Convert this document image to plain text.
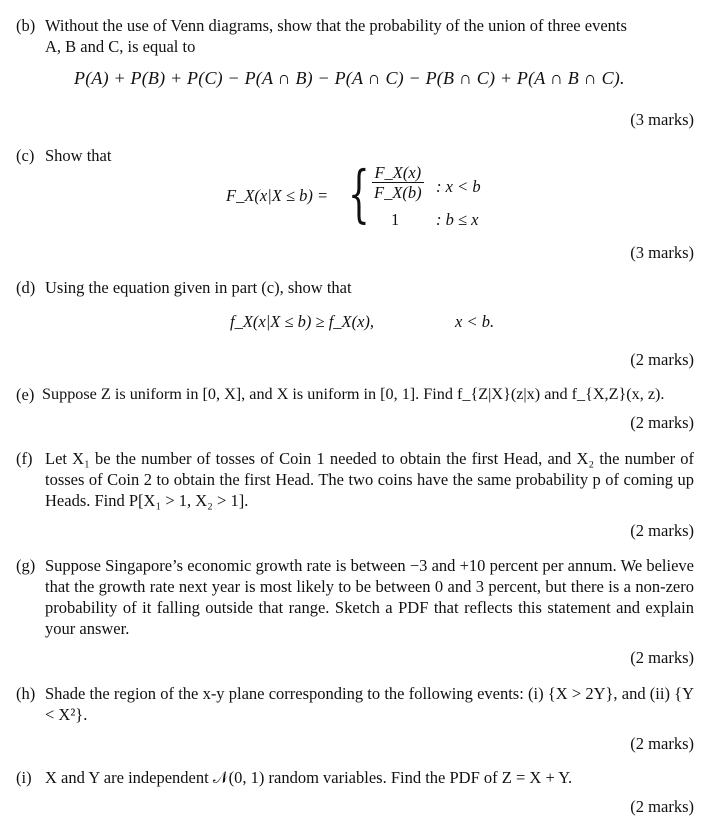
(b) Without the use of Venn diagrams, show that the probability of the union of three events
A, B and C, is equal to
P(A) + P(B) + P(C) − P(A ∩ B) − P(A ∩ C) − P(B ∩ C) + P(A ∩ B ∩ C).
(3 marks)
(c) Show that
F_X(x|X ≤ b) = { $\frac{F\_X(x)}{F\_X(b)}$ : x < b
1 : b ≤ x
(3 marks)
(d) Using the equation given in part (c), show that
f_X(x|X ≤ b) ≥ f_X(x),	x < b.
(2 marks)
(e) Suppose Z is uniform in [0, X], and X is uniform in [0, 1]. Find f_{Z|X}(z|x) and f_{X,Z}(x, z).
(2 marks)
(f) Let X₁ be the number of tosses of Coin 1 needed to obtain the first Head, and X₂ the number of tosses of Coin 2 to obtain the first Head. The two coins have the same probability p of coming up Heads. Find P[X₁ > 1, X₂ > 1].
(2 marks)
(g) Suppose Singapore’s economic growth rate is between −3 and +10 percent per annum. We believe that the growth rate next year is most likely to be between 0 and 3 percent, but there is a non-zero probability of it falling outside that range. Sketch a PDF that reflects this statement and explain your answer.
(2 marks)
(h) Shade the region of the x-y plane corresponding to the following events: (i) {X > 2Y}, and (ii) {Y < X²}.
(2 marks)
(i) X and Y are independent 𝒩(0, 1) random variables. Find the PDF of Z = X + Y.
(2 marks)
